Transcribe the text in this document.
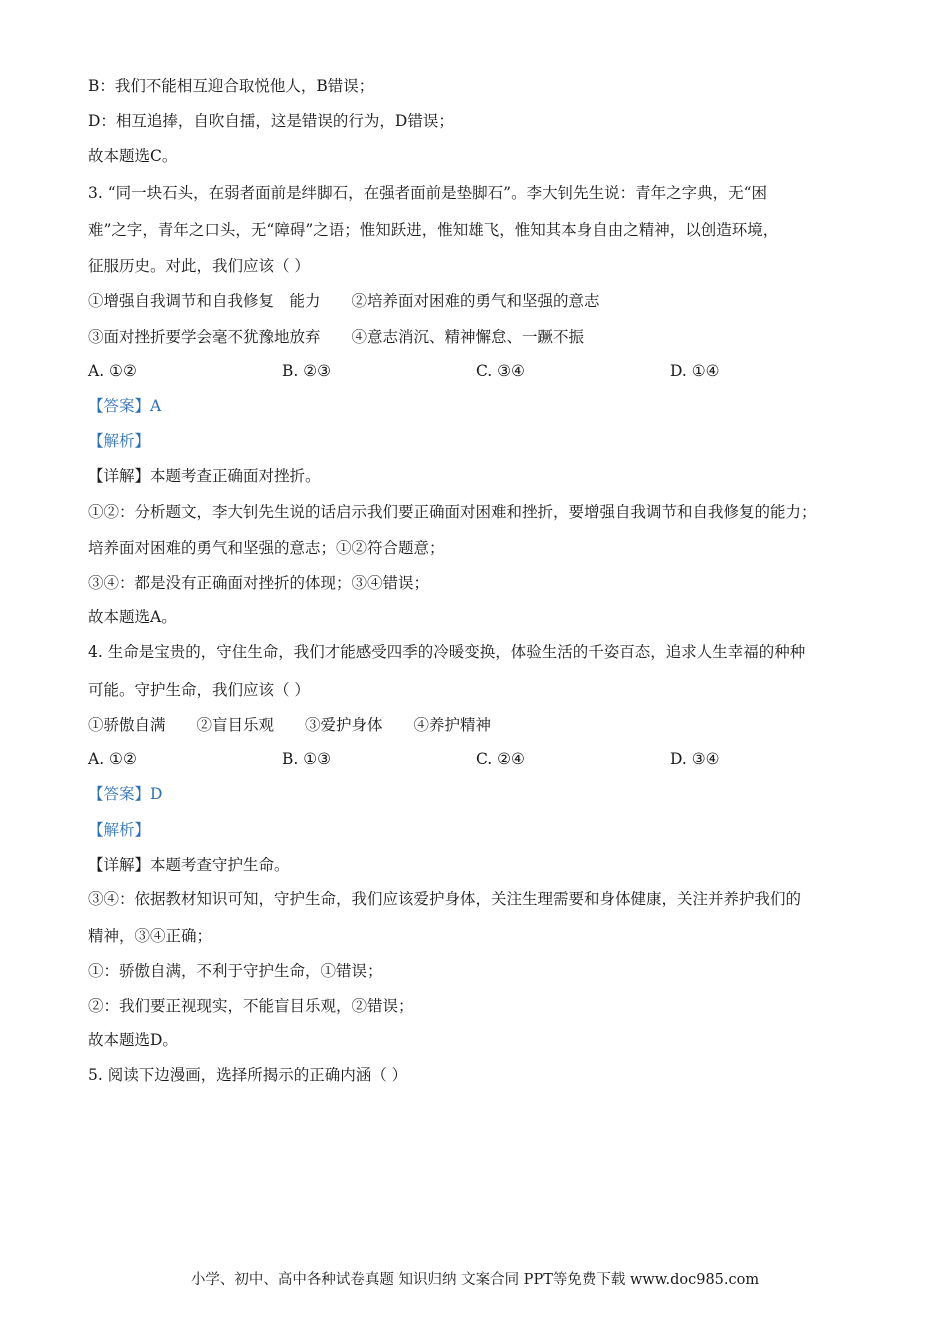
B：我们不能相互迎合取悦他人，B错误；
D：相互追捧，自吹自擂，这是错误的行为，D错误；
故本题选C。
3. “同一块石头，在弱者面前是绊脚石，在强者面前是垫脚石”。李大钊先生说：青年之字典，无“困
难”之字，青年之口头，无“障碍”之语；惟知跃进，惟知雄飞，惟知其本身自由之精神，以创造环境，
征服历史。对此，我们应该（ ）
①增强自我调节和自我修复　能力　　②培养面对困难的勇气和坚强的意志
③面对挫折要学会毫不犹豫地放弃　　④意志消沉、精神懈怠、一蹶不振
A. ①②	B. ②③	C. ③④	D. ①④
【答案】A
【解析】
【详解】本题考查正确面对挫折。
①②：分析题文，李大钊先生说的话启示我们要正确面对困难和挫折，要增强自我调节和自我修复的能力；
培养面对困难的勇气和坚强的意志；①②符合题意；
③④：都是没有正确面对挫折的体现；③④错误；
故本题选A。
4. 生命是宝贵的，守住生命，我们才能感受四季的冷暖变换，体验生活的千姿百态，追求人生幸福的种种
可能。守护生命，我们应该（ ）
①骄傲自满　　②盲目乐观　　③爱护身体　　④养护精神
A. ①②	B. ①③	C. ②④	D. ③④
【答案】D
【解析】
【详解】本题考查守护生命。
③④：依据教材知识可知，守护生命，我们应该爱护身体，关注生理需要和身体健康，关注并养护我们的
精神，③④正确；
①：骄傲自满，不利于守护生命，①错误；
②：我们要正视现实，不能盲目乐观，②错误；
故本题选D。
5. 阅读下边漫画，选择所揭示的正确内涵（ ）
小学、初中、高中各种试卷真题 知识归纳 文案合同 PPT等免费下载 www.doc985.com
